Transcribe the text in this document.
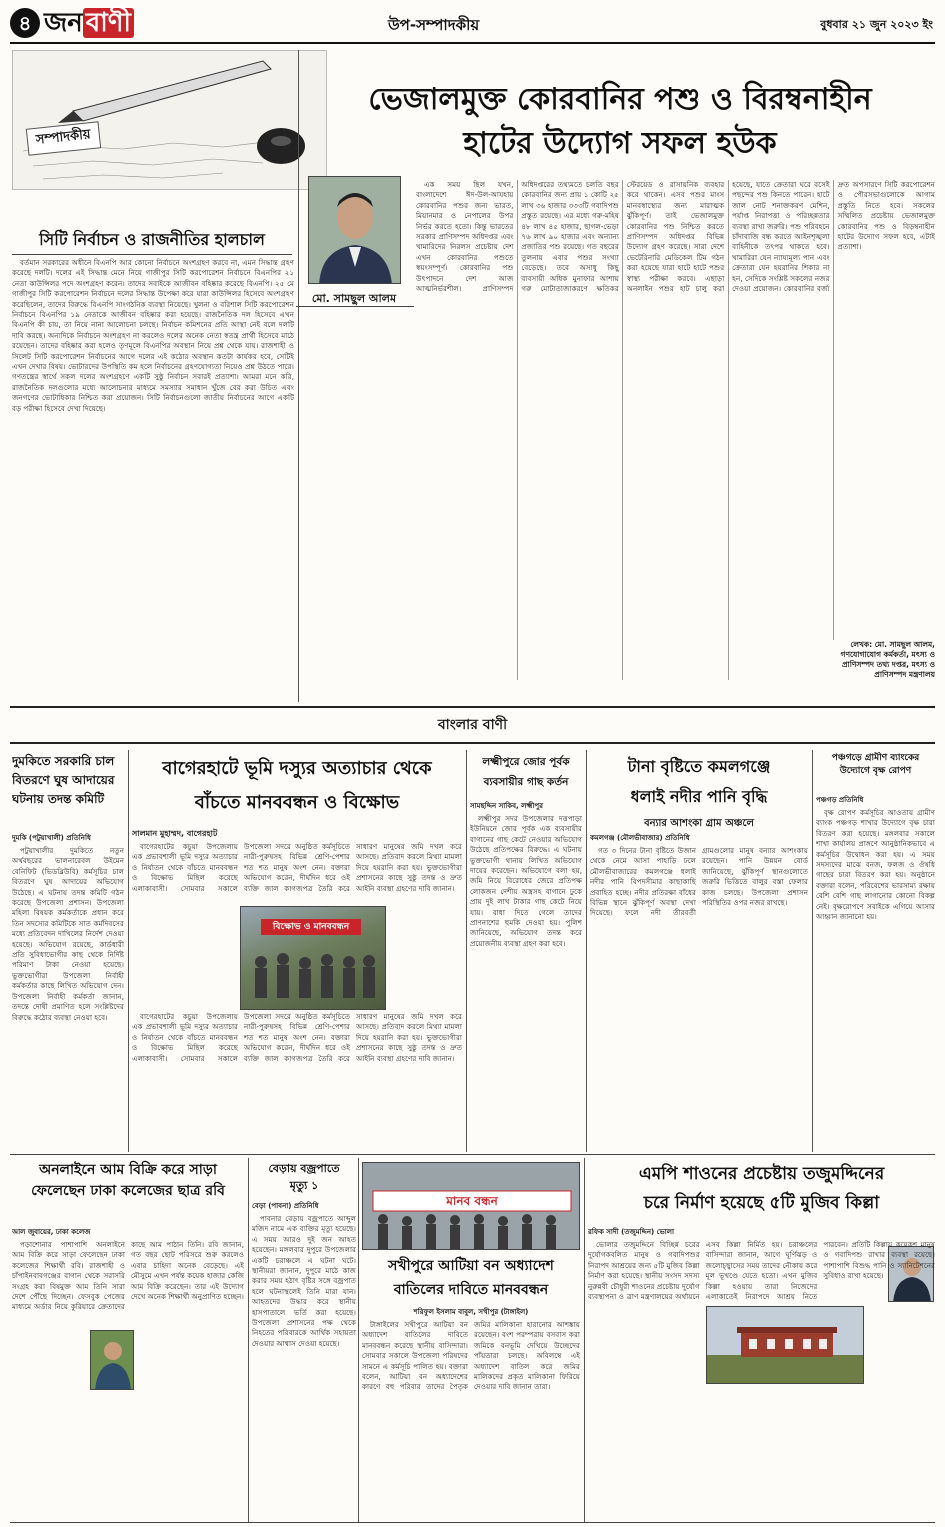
৪ জন বাণী	উপ-সম্পাদকীয়	বুধবার ২১ জুন ২০২৩ ইং
সম্পাদকীয়
সিটি নির্বাচন ও রাজনীতির হালচাল

বর্তমান সরকারের অধীনে বিএনপি আর কোনো নির্বাচনে অংশগ্রহণ করবে না, এমন সিদ্ধান্ত গ্রহণ করেছে দলটি। দলের এই সিদ্ধান্ত মেনে নিয়ে গাজীপুর সিটি করপোরেশন নির্বাচনে বিএনপির ২১ নেতা কাউন্সিলর পদে অংশগ্রহণ করেন। তাদের সবাইকে আজীবন বহিষ্কার করেছে বিএনপি। ২৫ মে গাজীপুর সিটি করপোরেশন নির্বাচনে দলের সিদ্ধান্ত উপেক্ষা করে যারা কাউন্সিলর হিসেবে অংশগ্রহণ করেছিলেন, তাদের বিরুদ্ধে বিএনপি সাংগঠনিক ব্যবস্থা নিয়েছে। খুলনা ও বরিশাল সিটি করপোরেশন নির্বাচনে বিএনপির ১৯ নেতাকে আজীবন বহিষ্কার করা হয়েছে। রাজনৈতিক দল হিসেবে এখন বিএনপি কী চায়, তা নিয়ে নানা আলোচনা চলছে। নির্বাচন কমিশনের প্রতি আস্থা নেই বলে দলটি দাবি করছে। অন্যদিকে নির্বাচনে অংশগ্রহণ না করলেও দলের অনেক নেতা স্বতন্ত্র প্রার্থী হিসেবে মাঠে রয়েছেন। তাদের বহিষ্কার করা হলেও তৃণমূলে বিএনপির অবস্থান নিয়ে প্রশ্ন থেকে যায়। রাজশাহী ও সিলেট সিটি করপোরেশন নির্বাচনের আগে দলের এই কঠোর অবস্থান কতটা কার্যকর হবে, সেটিই এখন দেখার বিষয়। ভোটারদের উপস্থিতি কম হলে নির্বাচনের গ্রহণযোগ্যতা নিয়েও প্রশ্ন উঠতে পারে। গণতন্ত্রের স্বার্থে সকল দলের অংশগ্রহণে একটি সুষ্ঠু নির্বাচন সবারই প্রত্যাশা। আমরা মনে করি, রাজনৈতিক দলগুলোর মধ্যে আলোচনার মাধ্যমে সমস্যার সমাধান খুঁজে বের করা উচিত এবং জনগণের ভোটাধিকার নিশ্চিত করা প্রয়োজন। সিটি নির্বাচনগুলো জাতীয় নির্বাচনের আগে একটি বড় পরীক্ষা হিসেবে দেখা দিয়েছে।

ভেজালমুক্ত কোরবানির পশু ও বিরম্বনাহীন
হাটের উদ্যোগ সফল হউক
মো. সামছুল আলম

এক সময় ছিল যখন, বাংলাদেশে ঈদ-উল-আযহায় কোরবানির পশুর জন্য ভারত, মিয়ানমার ও নেপালের উপর নির্ভর করতে হতো। কিন্তু ভারতের সরকার প্রাণিসম্পদ অধিদপ্তর এবং খামারিদের নিরলস প্রচেষ্টায় দেশ এখন কোরবানির পশুতে স্বয়ংসম্পূর্ণ। কোরবানির পশু উৎপাদনে দেশ আজ আত্মনির্ভরশীল। প্রাণিসম্পদ অধিদপ্তরের তথ্যমতে চলতি বছর কোরবানির জন্য প্রায় ১ কোটি ২৫ লাখ ৩৬ হাজার ৩৩৩টি গবাদিপশু প্রস্তুত রয়েছে। এর মধ্যে গরু-মহিষ ৪৮ লাখ ৪৫ হাজার, ছাগল-ভেড়া ৭৬ লাখ ৯০ হাজার এবং অন্যান্য প্রজাতির পশু রয়েছে। গত বছরের তুলনায় এবার পশুর সংখ্যা বেড়েছে। তবে অসাধু কিছু ব্যবসায়ী অধিক মুনাফার আশায় গরু মোটাতাজাকরণে ক্ষতিকর স্টেরয়েড ও রাসায়নিক ব্যবহার করে থাকেন। এসব পশুর মাংস মানবস্বাস্থ্যের জন্য মারাত্মক ঝুঁকিপূর্ণ। তাই ভেজালমুক্ত কোরবানির পশু নিশ্চিত করতে প্রাণিসম্পদ অধিদপ্তর বিভিন্ন উদ্যোগ গ্রহণ করেছে। সারা দেশে ভেটেরিনারি মেডিকেল টিম গঠন করা হয়েছে যারা হাটে হাটে পশুর স্বাস্থ্য পরীক্ষা করবে। এছাড়া অনলাইন পশুর হাট চালু করা হয়েছে, যাতে ক্রেতারা ঘরে বসেই পছন্দের পশু কিনতে পারেন। হাটে জাল নোট শনাক্তকরণ মেশিন, পর্যাপ্ত নিরাপত্তা ও পরিচ্ছন্নতার ব্যবস্থা রাখা জরুরি। পশু পরিবহনে চাঁদাবাজি বন্ধ করতে আইনশৃঙ্খলা বাহিনীকে তৎপর থাকতে হবে। খামারিরা যেন ন্যায্যমূল্য পান এবং ক্রেতারা যেন হয়রানির শিকার না হন, সেদিকে সংশ্লিষ্ট সকলের নজর দেওয়া প্রয়োজন। কোরবানির বর্জ্য দ্রুত অপসারণে সিটি করপোরেশন ও পৌরসভাগুলোকে আগাম প্রস্তুতি নিতে হবে। সকলের সম্মিলিত প্রচেষ্টায় ভেজালমুক্ত কোরবানির পশু ও বিড়ম্বনাহীন হাটের উদ্যোগ সফল হবে, এটাই প্রত্যাশা।

লেখক: মো. সামছুল আলম,
গণযোগাযোগ কর্মকর্তা, মৎস্য ও
প্রাণিসম্পদ তথ্য দপ্তর, মৎস্য ও
প্রাণিসম্পদ মন্ত্রণালয়
বাংলার বাণী
দুমকিতে সরকারি চাল বিতরণে ঘুষ আদায়ের ঘটনায় তদন্ত কমিটি
দুমকি (পটুয়াখালী) প্রতিনিধি

পটুয়াখালীর দুমকিতে নতুন অর্থবছরের ভালনারেবল উইমেন বেনিফিট (ভিডব্লিউবি) কর্মসূচির চাল বিতরণে ঘুষ আদায়ের অভিযোগ উঠেছে। এ ঘটনায় তদন্ত কমিটি গঠন করেছে উপজেলা প্রশাসন। উপজেলা মহিলা বিষয়ক কর্মকর্তাকে প্রধান করে তিন সদস্যের কমিটিকে সাত কর্মদিবসের মধ্যে প্রতিবেদন দাখিলের নির্দেশ দেওয়া হয়েছে। অভিযোগ রয়েছে, কার্ডধারী প্রতি সুবিধাভোগীর কাছ থেকে নির্দিষ্ট পরিমাণ টাকা নেওয়া হয়েছে। ভুক্তভোগীরা উপজেলা নির্বাহী কর্মকর্তার কাছে লিখিত অভিযোগ দেন। উপজেলা নির্বাহী কর্মকর্তা জানান, তদন্তে দোষী প্রমাণিত হলে সংশ্লিষ্টদের বিরুদ্ধে কঠোর ব্যবস্থা নেওয়া হবে।

বাগেরহাটে ভূমি দস্যুর অত্যাচার থেকে
বাঁচতে মানববন্ধন ও বিক্ষোভ
সালমান মুহাম্মদ, বাগেরহাট

বাগেরহাটের কচুয়া উপজেলায় এক প্রভাবশালী ভূমি দস্যুর অত্যাচার ও নির্যাতন থেকে বাঁচতে মানববন্ধন ও বিক্ষোভ মিছিল করেছে এলাকাবাসী। সোমবার সকালে উপজেলা সদরে অনুষ্ঠিত কর্মসূচিতে নারী-পুরুষসহ বিভিন্ন শ্রেণি-পেশার শত শত মানুষ অংশ নেন। বক্তারা অভিযোগ করেন, দীর্ঘদিন ধরে ওই ব্যক্তি জাল কাগজপত্র তৈরি করে সাধারণ মানুষের জমি দখল করে আসছে। প্রতিবাদ করলে মিথ্যা মামলা দিয়ে হয়রানি করা হয়। ভুক্তভোগীরা প্রশাসনের কাছে সুষ্ঠু তদন্ত ও দ্রুত আইনি ব্যবস্থা গ্রহণের দাবি জানান।

বিক্ষোভ ও মানববন্ধন

বাগেরহাটের কচুয়া উপজেলায় এক প্রভাবশালী ভূমি দস্যুর অত্যাচার ও নির্যাতন থেকে বাঁচতে মানববন্ধন ও বিক্ষোভ মিছিল করেছে এলাকাবাসী। সোমবার সকালে উপজেলা সদরে অনুষ্ঠিত কর্মসূচিতে নারী-পুরুষসহ বিভিন্ন শ্রেণি-পেশার শত শত মানুষ অংশ নেন। বক্তারা অভিযোগ করেন, দীর্ঘদিন ধরে ওই ব্যক্তি জাল কাগজপত্র তৈরি করে সাধারণ মানুষের জমি দখল করে আসছে। প্রতিবাদ করলে মিথ্যা মামলা দিয়ে হয়রানি করা হয়। ভুক্তভোগীরা প্রশাসনের কাছে সুষ্ঠু তদন্ত ও দ্রুত আইনি ব্যবস্থা গ্রহণের দাবি জানান।

লক্ষ্মীপুরে জোর পূর্বক
ব্যবসায়ীর গাছ কর্তন
সামছদ্দিন সাকিব, লক্ষ্মীপুর

লক্ষ্মীপুর সদর উপজেলার দত্তপাড়া ইউনিয়নে জোর পূর্বক এক ব্যবসায়ীর বাগানের গাছ কেটে নেওয়ার অভিযোগ উঠেছে প্রতিপক্ষের বিরুদ্ধে। এ ঘটনায় ভুক্তভোগী থানায় লিখিত অভিযোগ দায়ের করেছেন। অভিযোগে বলা হয়, জমি নিয়ে বিরোধের জেরে প্রতিপক্ষ লোকজন দেশীয় অস্ত্রসহ বাগানে ঢুকে প্রায় দুই লাখ টাকার গাছ কেটে নিয়ে যায়। বাধা দিতে গেলে তাদের প্রাণনাশের হুমকি দেওয়া হয়। পুলিশ জানিয়েছে, অভিযোগ তদন্ত করে প্রয়োজনীয় ব্যবস্থা গ্রহণ করা হবে।

টানা বৃষ্টিতে কমলগঞ্জে
ধলাই নদীর পানি বৃদ্ধি
বন্যার আশংকা গ্রাম অঞ্চলে
কমলগঞ্জ (মৌলভীবাজার) প্রতিনিধি

গত ৩ দিনের টানা বৃষ্টিতে উজান থেকে নেমে আসা পাহাড়ি ঢলে মৌলভীবাজারের কমলগঞ্জে ধলাই নদীর পানি বিপদসীমার কাছাকাছি প্রবাহিত হচ্ছে। নদীর প্রতিরক্ষা বাঁধের বিভিন্ন স্থানে ঝুঁকিপূর্ণ অবস্থা দেখা দিয়েছে। ফলে নদী তীরবর্তী গ্রামগুলোর মানুষ বন্যার আশংকায় রয়েছেন। পানি উন্নয়ন বোর্ড জানিয়েছে, ঝুঁকিপূর্ণ স্থানগুলোতে জরুরি ভিত্তিতে বালুর বস্তা ফেলার কাজ চলছে। উপজেলা প্রশাসন পরিস্থিতির ওপর নজর রাখছে।

পঞ্চগড়ে গ্রামীণ ব্যাংকের উদ্যোগে বৃক্ষ রোপণ
পঞ্চগড় প্রতিনিধি

বৃক্ষ রোপণ কর্মসূচির আওতায় গ্রামীণ ব্যাংক পঞ্চগড় শাখার উদ্যোগে বৃক্ষ চারা বিতরণ করা হয়েছে। মঙ্গলবার সকালে শাখা কার্যালয় প্রাঙ্গণে আনুষ্ঠানিকভাবে এ কর্মসূচির উদ্বোধন করা হয়। এ সময় সদস্যদের মাঝে বনজ, ফলজ ও ঔষধি গাছের চারা বিতরণ করা হয়। অনুষ্ঠানে বক্তারা বলেন, পরিবেশের ভারসাম্য রক্ষায় বেশি বেশি গাছ লাগানোর কোনো বিকল্প নেই। বৃক্ষরোপণে সবাইকে এগিয়ে আসার আহ্বান জানানো হয়।

অনলাইনে আম বিক্রি করে সাড়া ফেলেছেন ঢাকা কলেজের ছাত্র রবি
আল জুবায়ের, ঢাকা কলেজ

পড়াশোনার পাশাপাশি অনলাইনে আম বিক্রি করে সাড়া ফেলেছেন ঢাকা কলেজের শিক্ষার্থী রবি। রাজশাহী ও চাঁপাইনবাবগঞ্জের বাগান থেকে সরাসরি সংগ্রহ করা বিষমুক্ত আম তিনি সারা দেশে পৌঁছে দিচ্ছেন। ফেসবুক পেজের মাধ্যমে অর্ডার নিয়ে কুরিয়ারে ক্রেতাদের কাছে আম পাঠান তিনি। রবি জানান, গত বছর ছোট পরিসরে শুরু করলেও এবার চাহিদা অনেক বেড়েছে। এই মৌসুমে এখন পর্যন্ত কয়েক হাজার কেজি আম বিক্রি করেছেন। তার এই উদ্যোগ দেখে অনেক শিক্ষার্থী অনুপ্রাণিত হচ্ছেন।

বেড়ায় বজ্রপাতে
মৃত্যু ১
বেড়া (পাবনা) প্রতিনিধি

পাবনার বেড়ায় বজ্রপাতে আব্দুল মজিদ নামে এক ব্যক্তির মৃত্যু হয়েছে। এ সময় আরও দুই জন আহত হয়েছেন। মঙ্গলবার দুপুরে উপজেলার একটি চরাঞ্চলে এ ঘটনা ঘটে। স্থানীয়রা জানান, দুপুরে মাঠে কাজ করার সময় হঠাৎ বৃষ্টির সঙ্গে বজ্রপাত হলে ঘটনাস্থলেই তিনি মারা যান। আহতদের উদ্ধার করে স্থানীয় হাসপাতালে ভর্তি করা হয়েছে। উপজেলা প্রশাসনের পক্ষ থেকে নিহতের পরিবারকে আর্থিক সহায়তা দেওয়ার আশ্বাস দেওয়া হয়েছে।

মানব বন্ধন
সখীপুরে আটিয়া বন অধ্যাদেশ
বাতিলের দাবিতে মানববন্ধন
শরিফুল ইসলাম বাবুল, সখীপুর (টাঙ্গাইল)

টাঙ্গাইলের সখীপুরে আটিয়া বন অধ্যাদেশ বাতিলের দাবিতে মানববন্ধন করেছে স্থানীয় বাসিন্দারা। সোমবার সকালে উপজেলা পরিষদের সামনে এ কর্মসূচি পালিত হয়। বক্তারা বলেন, আটিয়া বন অধ্যাদেশের কারণে বহু পরিবার তাদের পৈতৃক জমির মালিকানা হারানোর আশঙ্কায় রয়েছেন। বংশ পরম্পরায় বসবাস করা জমিকে বনভূমি দেখিয়ে উচ্ছেদের পাঁয়তারা চলছে। অবিলম্বে এই অধ্যাদেশ বাতিল করে জমির মালিকদের প্রকৃত মালিকানা ফিরিয়ে দেওয়ার দাবি জানান তারা।

এমপি শাওনের প্রচেষ্টায় তজুমদ্দিনের
চরে নির্মাণ হয়েছে ৫টি মুজিব কিল্লা
রফিক সাদী (তজুমদ্দিন) ভোলা

ভোলার তজুমদ্দিনে বিচ্ছিন্ন চরের দুর্যোগকবলিত মানুষ ও গবাদিপশুর নিরাপদ আশ্রয়ের জন্য ৫টি মুজিব কিল্লা নির্মাণ করা হয়েছে। স্থানীয় সংসদ সদস্য নুরুন্নবী চৌধুরী শাওনের প্রচেষ্টায় দুর্যোগ ব্যবস্থাপনা ও ত্রাণ মন্ত্রণালয়ের অর্থায়নে এসব কিল্লা নির্মিত হয়। চরাঞ্চলের বাসিন্দারা জানান, আগে ঘূর্ণিঝড় ও জলোচ্ছ্বাসের সময় তাদের নৌকায় করে মূল ভূখণ্ডে যেতে হতো। এখন মুজিব কিল্লা হওয়ায় তারা নিজেদের এলাকাতেই নিরাপদে আশ্রয় নিতে পারবেন। প্রতিটি কিল্লায় কয়েকশ মানুষ ও গবাদিপশু রাখার ব্যবস্থা রয়েছে। পাশাপাশি বিশুদ্ধ পানি ও স্যানিটেশনের সুবিধাও রাখা হয়েছে।
